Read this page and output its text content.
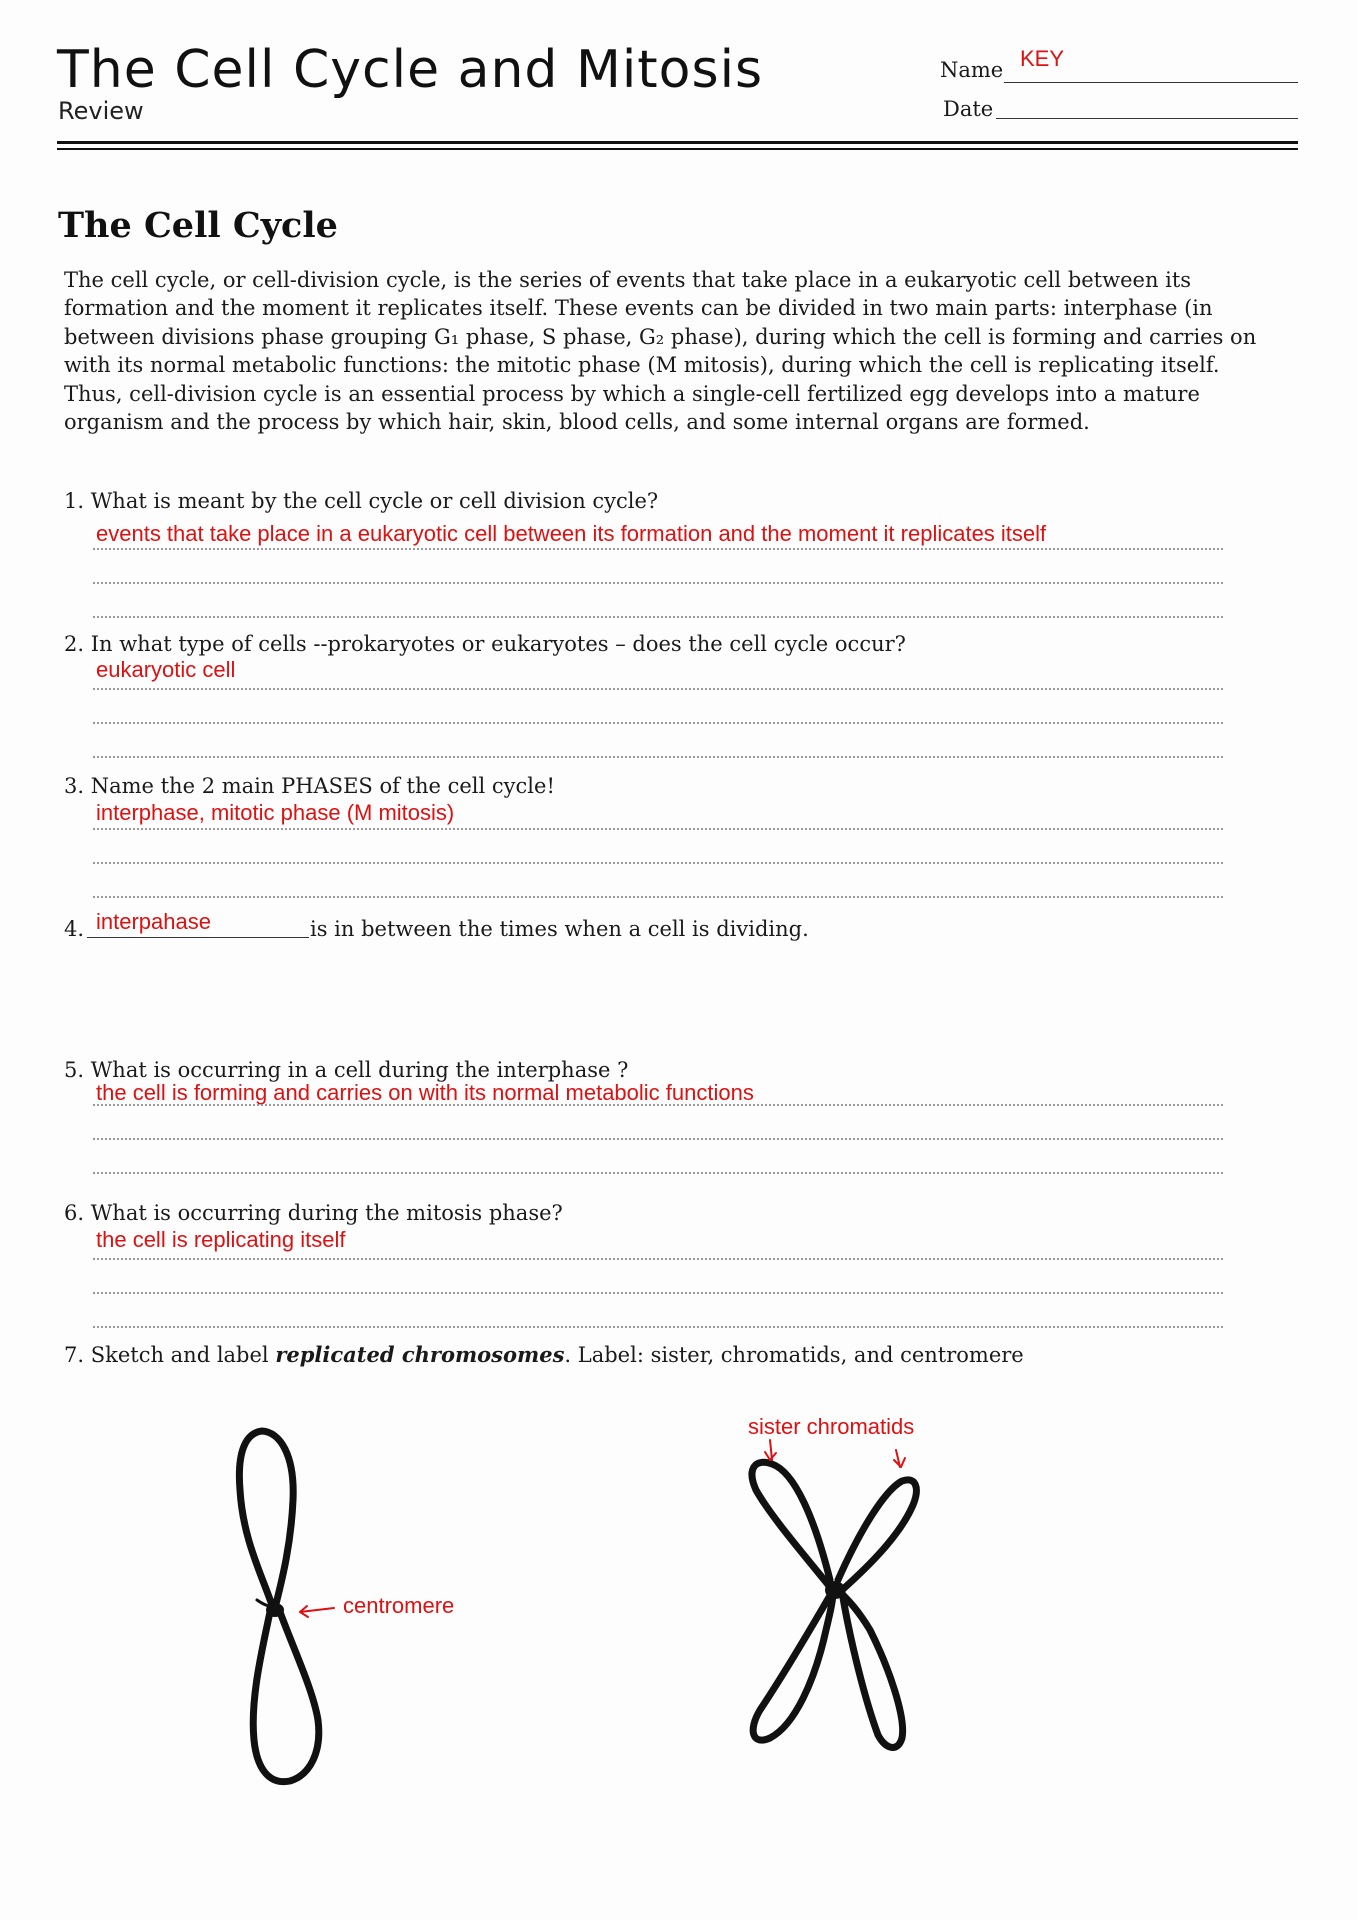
The Cell Cycle and Mitosis
Review
Name KEY
Date
The Cell Cycle
The cell cycle, or cell-division cycle, is the series of events that take place in a eukaryotic cell between its formation and the moment it replicates itself. These events can be divided in two main parts: interphase (in between divisions phase grouping G₁ phase, S phase, G₂ phase), during which the cell is forming and carries on with its normal metabolic functions: the mitotic phase (M mitosis), during which the cell is replicating itself. Thus, cell-division cycle is an essential process by which a single-cell fertilized egg develops into a mature organism and the process by which hair, skin, blood cells, and some internal organs are formed.
1. What is meant by the cell cycle or cell division cycle?
events that take place in a eukaryotic cell between its formation and the moment it replicates itself
2. In what type of cells --prokaryotes or eukaryotes – does the cell cycle occur?
eukaryotic cell
3. Name the 2 main PHASES of the cell cycle!
interphase, mitotic phase (M mitosis)
4. interpahase	is in between the times when a cell is dividing.
5. What is occurring in a cell during the interphase ?
the cell is forming and carries on with its normal metabolic functions
6. What is occurring during the mitosis phase?
the cell is replicating itself
7. Sketch and label replicated chromosomes. Label: sister, chromatids, and centromere
centromere
sister chromatids
